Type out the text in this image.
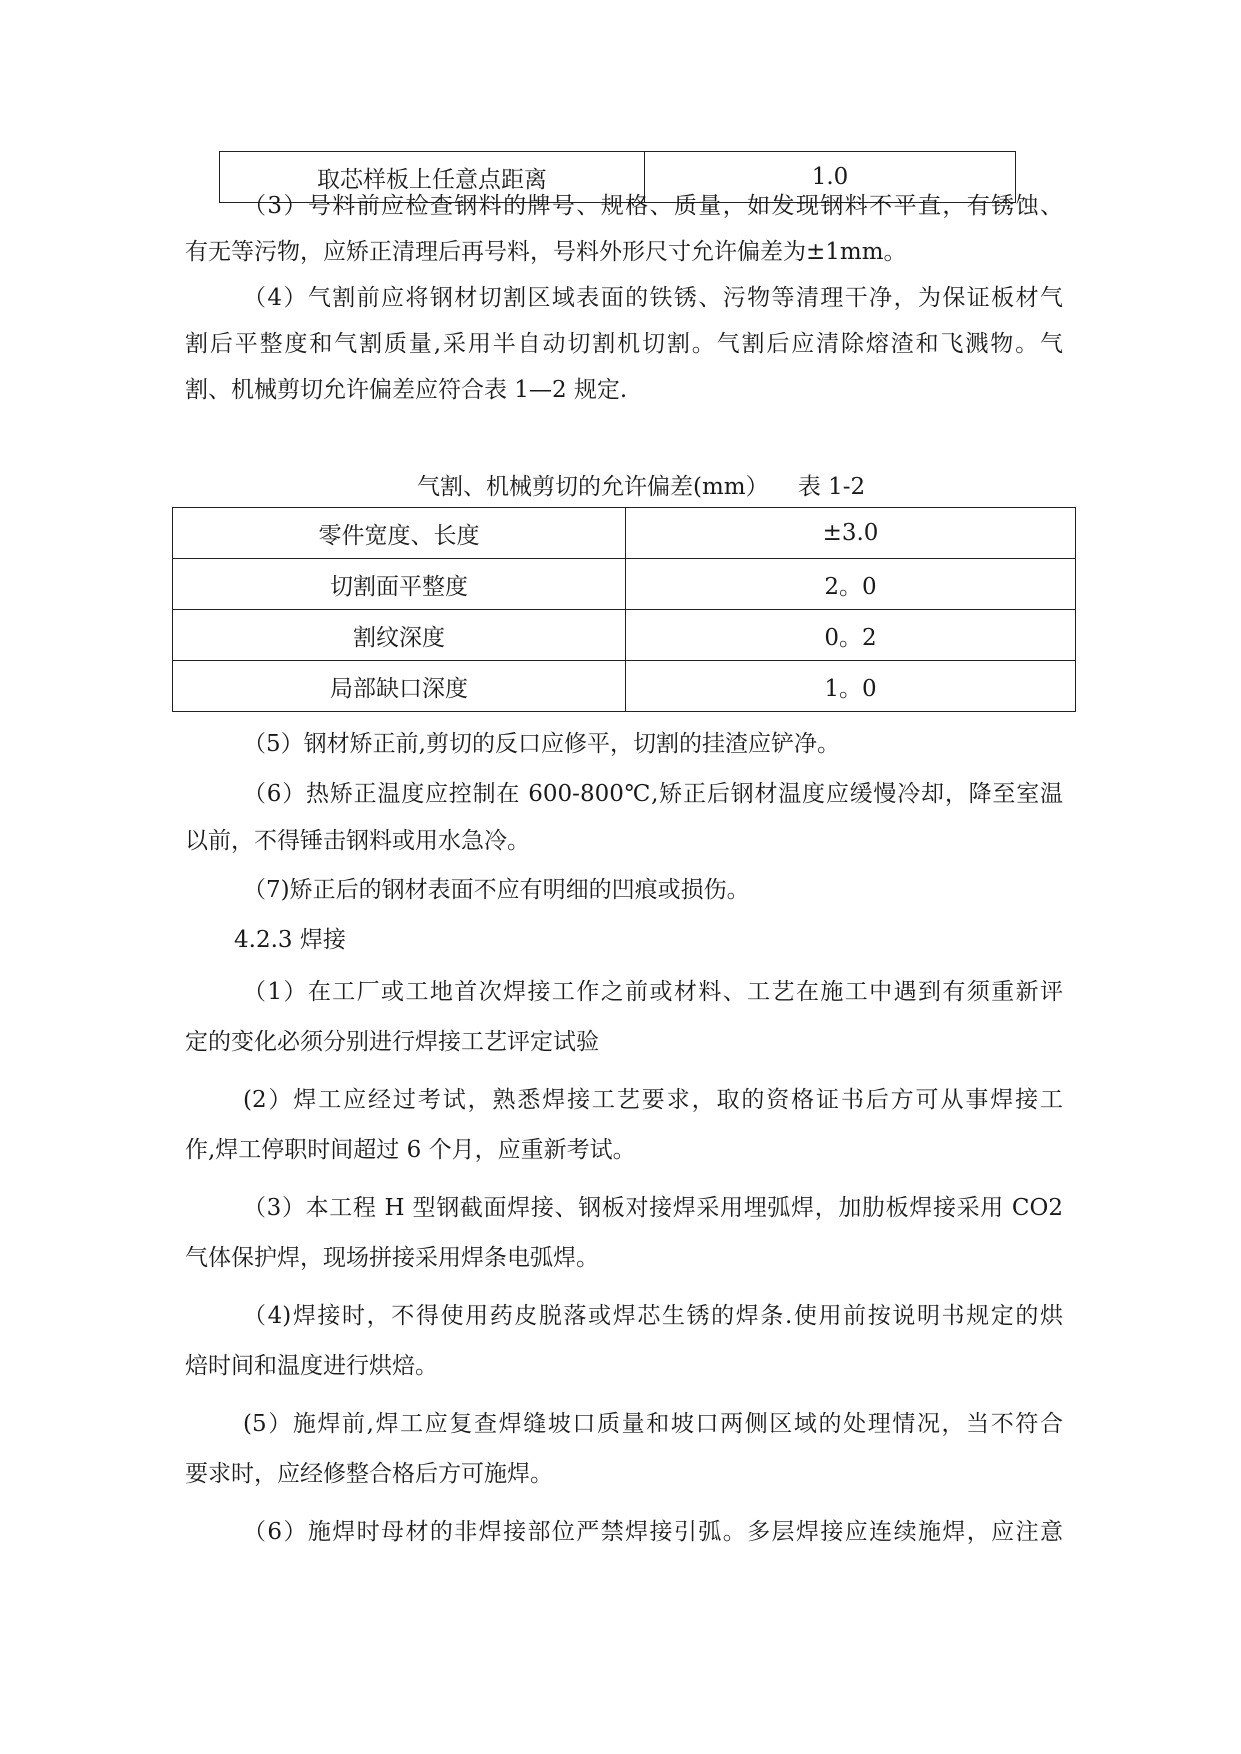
取芯样板上任意点距离	1.0
（3）号料前应检查钢料的牌号、规格、质量，如发现钢料不平直，有锈蚀、
有无等污物，应矫正清理后再号料，号料外形尺寸允许偏差为±1mm。
（4）气割前应将钢材切割区域表面的铁锈、污物等清理干净，为保证板材气
割后平整度和气割质量,采用半自动切割机切割。气割后应清除熔渣和飞溅物。气
割、机械剪切允许偏差应符合表 1—2 规定.
气割、机械剪切的允许偏差(mm）    表 1-2
零件宽度、长度	±3.0
切割面平整度	2。0
割纹深度	0。2
局部缺口深度	1。0
（5）钢材矫正前,剪切的反口应修平，切割的挂渣应铲净。
（6）热矫正温度应控制在 600-800℃,矫正后钢材温度应缓慢冷却，降至室温
以前，不得锤击钢料或用水急冷。
（7)矫正后的钢材表面不应有明细的凹痕或损伤。
4.2.3 焊接
（1）在工厂或工地首次焊接工作之前或材料、工艺在施工中遇到有须重新评
定的变化必须分别进行焊接工艺评定试验
(2）焊工应经过考试，熟悉焊接工艺要求，取的资格证书后方可从事焊接工
作,焊工停职时间超过 6 个月，应重新考试。
（3）本工程 H 型钢截面焊接、钢板对接焊采用埋弧焊，加肋板焊接采用 CO2
气体保护焊，现场拼接采用焊条电弧焊。
（4)焊接时，不得使用药皮脱落或焊芯生锈的焊条.使用前按说明书规定的烘
焙时间和温度进行烘焙。
(5）施焊前,焊工应复查焊缝坡口质量和坡口两侧区域的处理情况，当不符合
要求时，应经修整合格后方可施焊。
（6）施焊时母材的非焊接部位严禁焊接引弧。多层焊接应连续施焊，应注意
